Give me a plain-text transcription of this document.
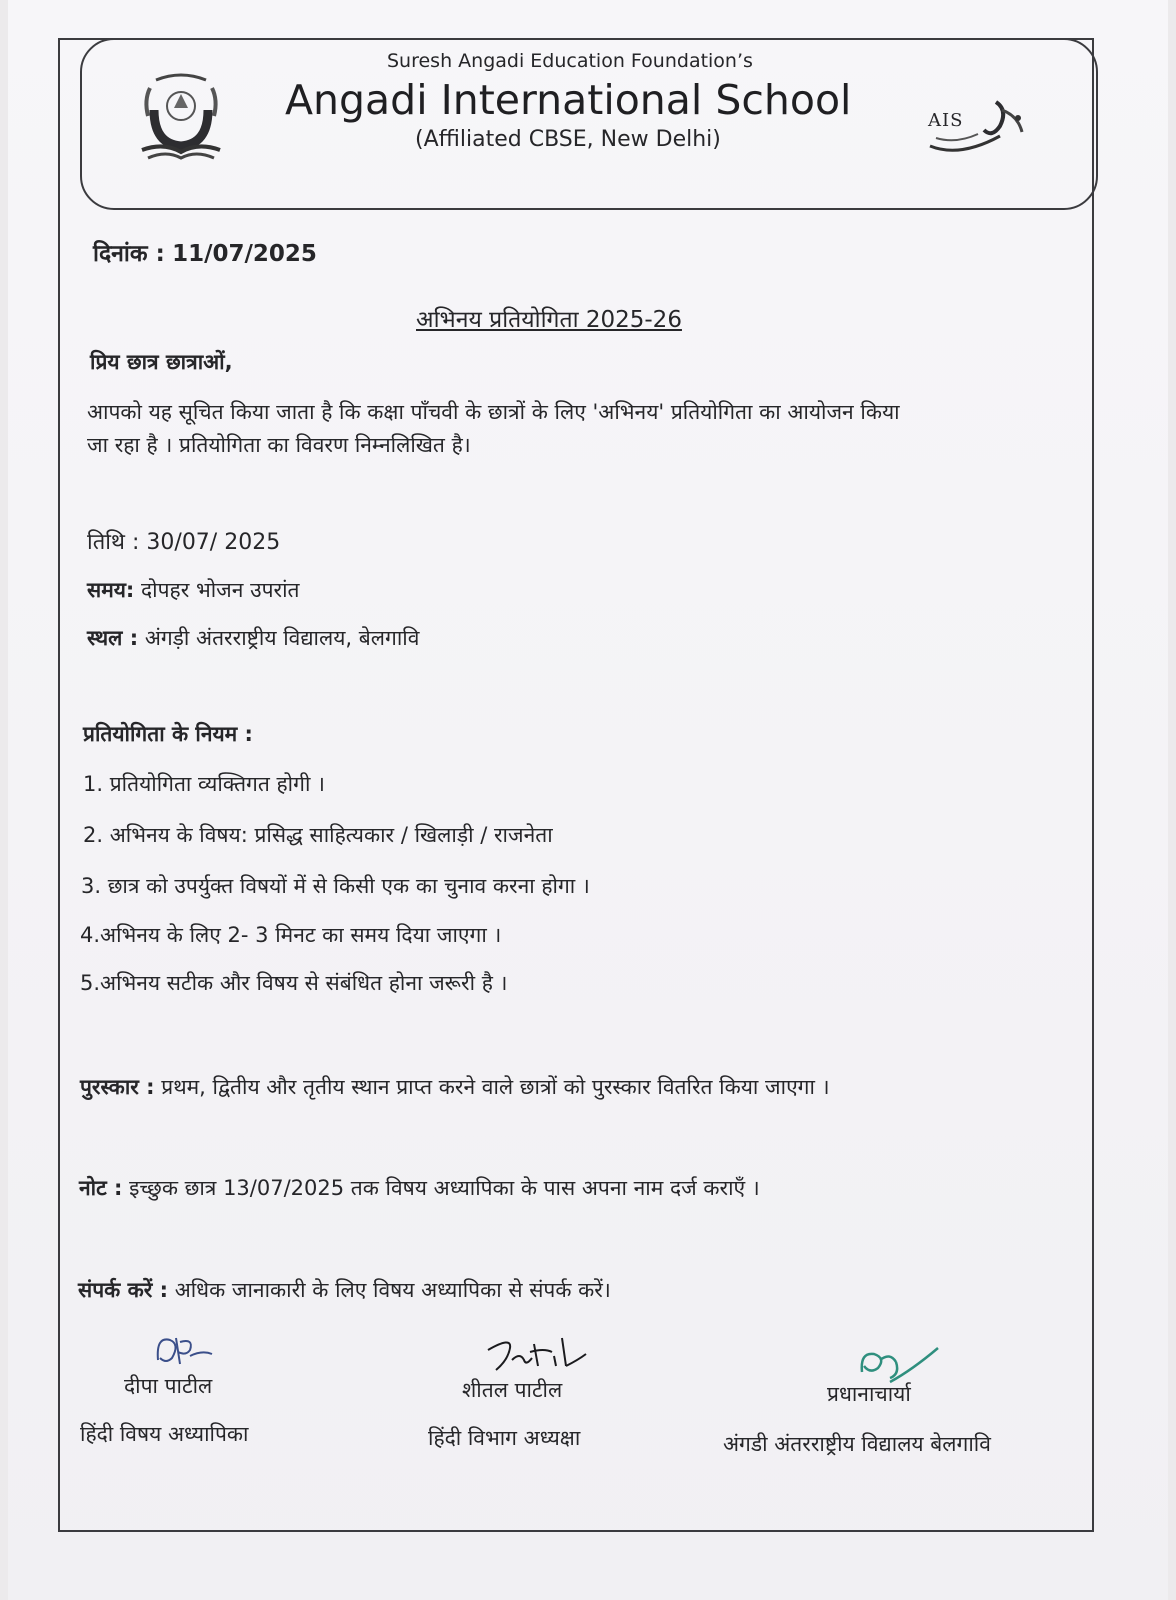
Suresh Angadi Education Foundation’s
Angadi International School
(Affiliated CBSE, New Delhi)
AIS
दिनांक : 11/07/2025
अभिनय प्रतियोगिता 2025-26
प्रिय छात्र छात्राओं,
आपको यह सूचित किया जाता है कि कक्षा पाँचवी के छात्रों के लिए 'अभिनय' प्रतियोगिता का आयोजन किया
जा रहा है । प्रतियोगिता का विवरण निम्नलिखित है।
तिथि : 30/07/ 2025
समय: दोपहर भोजन उपरांत
स्थल : अंगड़ी अंतरराष्ट्रीय विद्यालय, बेलगावि
प्रतियोगिता के नियम :
1. प्रतियोगिता व्यक्तिगत होगी ।
2. अभिनय के विषय: प्रसिद्ध साहित्यकार / खिलाड़ी / राजनेता
3. छात्र को उपर्युक्त विषयों में से किसी एक का चुनाव करना होगा ।
4.अभिनय के लिए 2- 3 मिनट का समय दिया जाएगा ।
5.अभिनय सटीक और विषय से संबंधित होना जरूरी है ।
पुरस्कार : प्रथम, द्वितीय और तृतीय स्थान प्राप्त करने वाले छात्रों को पुरस्कार वितरित किया जाएगा ।
नोट : इच्छुक छात्र 13/07/2025 तक विषय अध्यापिका के पास अपना नाम दर्ज कराएँ ।
संपर्क करें : अधिक जानाकारी के लिए विषय अध्यापिका से संपर्क करें।
दीपा पाटील
हिंदी विषय अध्यापिका
शीतल पाटील
हिंदी विभाग अध्यक्षा
प्रधानाचार्या
अंगडी अंतरराष्ट्रीय विद्यालय बेलगावि
